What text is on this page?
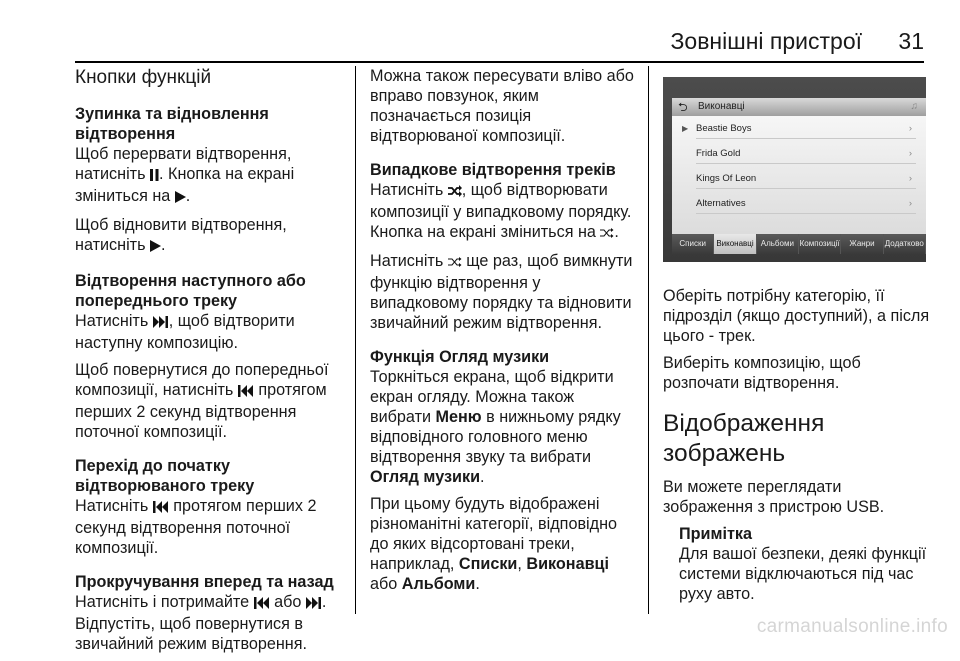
Зовнішні пристрої 31
Кнопки функцій
Зупинка та відновлення відтворення

Щоб перервати відтворення, натисніть . Кнопка на екрані зміниться на .

Щоб відновити відтворення, натисніть .

Відтворення наступного або попереднього треку

Натисніть , щоб відтворити наступну композицію.

Щоб повернутися до попередньої композиції, натисніть  протягом перших 2 секунд відтворення поточної композиції.

Перехід до початку відтворюваного треку

Натисніть  протягом перших 2 секунд відтворення поточної композиції.

Прокручування вперед та назад

Натисніть і потримайте  або . Відпустіть, щоб повернутися в звичайний режим відтворення.

Можна також пересувати вліво або вправо повзунок, яким позначається позиція відтворюваної композиції.

Випадкове відтворення треків

Натисніть , щоб відтворювати композиції у випадковому порядку. Кнопка на екрані зміниться на .

Натисніть  ще раз, щоб вимкнути функцію відтворення у випадковому порядку та відновити звичайний режим відтворення.

Функція Огляд музики

Торкніться екрана, щоб відкрити екран огляду. Можна також вибрати Меню в нижньому рядку відповідного головного меню відтворення звуку та вибрати Огляд музики.

При цьому будуть відображені різноманітні категорії, відповідно до яких відсортовані треки, наприклад, Списки, Виконавці або Альбоми.

⮌ Виконавці	♫
▶ Beastie Boys	›
Frida Gold	›
Kings Of Leon	›
Alternatives	›
Списки	Виконавці Альбоми Композиції	Жанри	Додатково

Оберіть потрібну категорію, її підрозділ (якщо доступний), а після цього - трек.

Виберіть композицію, щоб розпочати відтворення.

Відображення зображень

Ви можете переглядати зображення з пристрою USB.

Примітка

Для вашої безпеки, деякі функції системи відключаються під час руху авто.

carmanualsonline.info
